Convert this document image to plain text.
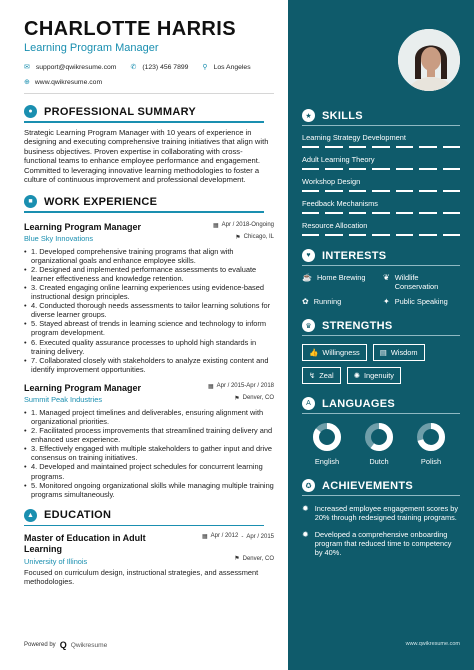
CHARLOTTE HARRIS
Learning Program Manager
✉ support@qwikresume.com ✆ (123) 456 7899 ⚲ Los Angeles
⊕ www.qwikresume.com
●	PROFESSIONAL SUMMARY
Strategic Learning Program Manager with 10 years of experience in designing and executing comprehensive training initiatives that align with business objectives. Proven expertise in collaborating with cross-functional teams to enhance employee performance and engagement. Committed to leveraging innovative learning methodologies to foster a culture of continuous improvement and professional development.
■	WORK EXPERIENCE
Learning Program Manager	▦ Apr / 2018-Ongoing
Blue Sky Innovations	⚑ Chicago, IL
• 1. Developed comprehensive training programs that align with organizational goals and enhance employee skills.
• 2. Designed and implemented performance assessments to evaluate learner effectiveness and knowledge retention.
• 3. Created engaging online learning experiences using evidence-based instructional design principles.
• 4. Conducted thorough needs assessments to tailor learning solutions for diverse learner groups.
• 5. Stayed abreast of trends in learning science and technology to inform program development.
• 6. Executed quality assurance processes to uphold high standards in training delivery.
• 7. Collaborated closely with stakeholders to analyze existing content and identify improvement opportunities.
Learning Program Manager	▦ Apr / 2015-Apr / 2018
Summit Peak Industries	⚑ Denver, CO
• 1. Managed project timelines and deliverables, ensuring alignment with organizational priorities.
• 2. Facilitated process improvements that streamlined training delivery and enhanced user experience.
• 3. Effectively engaged with multiple stakeholders to gather input and drive consensus on training initiatives.
• 4. Developed and maintained project schedules for concurrent learning programs.
• 5. Monitored ongoing organizational skills while managing multiple training programs simultaneously.
▲ EDUCATION
Master of Education in Adult Learning
▦ Apr / 2012 - Apr / 2015
University of Illinois	⚑ Denver, CO
Focused on curriculum design, instructional strategies, and assessment methodologies.
Powered by Q Qwikresume
★ SKILLS
Learning Strategy Development
Adult Learning Theory
Workshop Design
Feedback Mechanisms
Resource Allocation
♥	INTERESTS
☕ Home Brewing ❦ Wildlife Conservation
✿ Running	✦ Public Speaking
♛ STRENGTHS
👍 Willingness	▤ Wisdom
↯ Zeal	✺ Ingenuity
A	LANGUAGES
English	Dutch	Polish
✪ ACHIEVEMENTS
✹ Increased employee engagement scores by 20% through redesigned training programs.
✹ Developed a comprehensive onboarding program that reduced time to competency by 40%.
www.qwikresume.com
